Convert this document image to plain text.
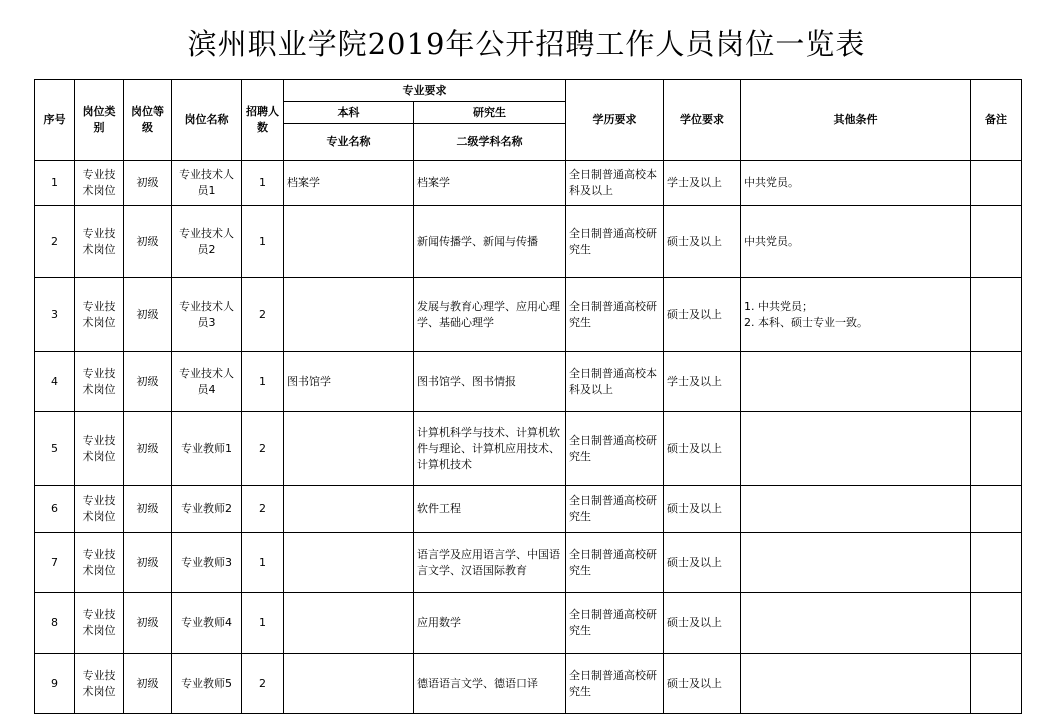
滨州职业学院2019年公开招聘工作人员岗位一览表
序号	岗位类别	岗位等级	岗位名称	招聘人数	专业要求		学历要求	学位要求	其他条件	备注
					本科	研究生				
					专业名称	二级学科名称				
1	专业技术岗位	初级	专业技术人员1	1	档案学	档案学	全日制普通高校本科及以上	学士及以上	中共党员。	
2	专业技术岗位	初级	专业技术人员2	1		新闻传播学、新闻与传播	全日制普通高校研究生	硕士及以上	中共党员。	
3	专业技术岗位	初级	专业技术人员3	2		发展与教育心理学、应用心理学、基础心理学	全日制普通高校研究生	硕士及以上	1. 中共党员；
2. 本科、硕士专业一致。	
4	专业技术岗位	初级	专业技术人员4	1	图书馆学	图书馆学、图书情报	全日制普通高校本科及以上	学士及以上		
5	专业技术岗位	初级	专业教师1	2		计算机科学与技术、计算机软件与理论、计算机应用技术、计算机技术	全日制普通高校研究生	硕士及以上		
6	专业技术岗位	初级	专业教师2	2		软件工程	全日制普通高校研究生	硕士及以上		
7	专业技术岗位	初级	专业教师3	1		语言学及应用语言学、中国语言文学、汉语国际教育	全日制普通高校研究生	硕士及以上		
8	专业技术岗位	初级	专业教师4	1		应用数学	全日制普通高校研究生	硕士及以上		
9	专业技术岗位	初级	专业教师5	2		德语语言文学、德语口译	全日制普通高校研究生	硕士及以上		
